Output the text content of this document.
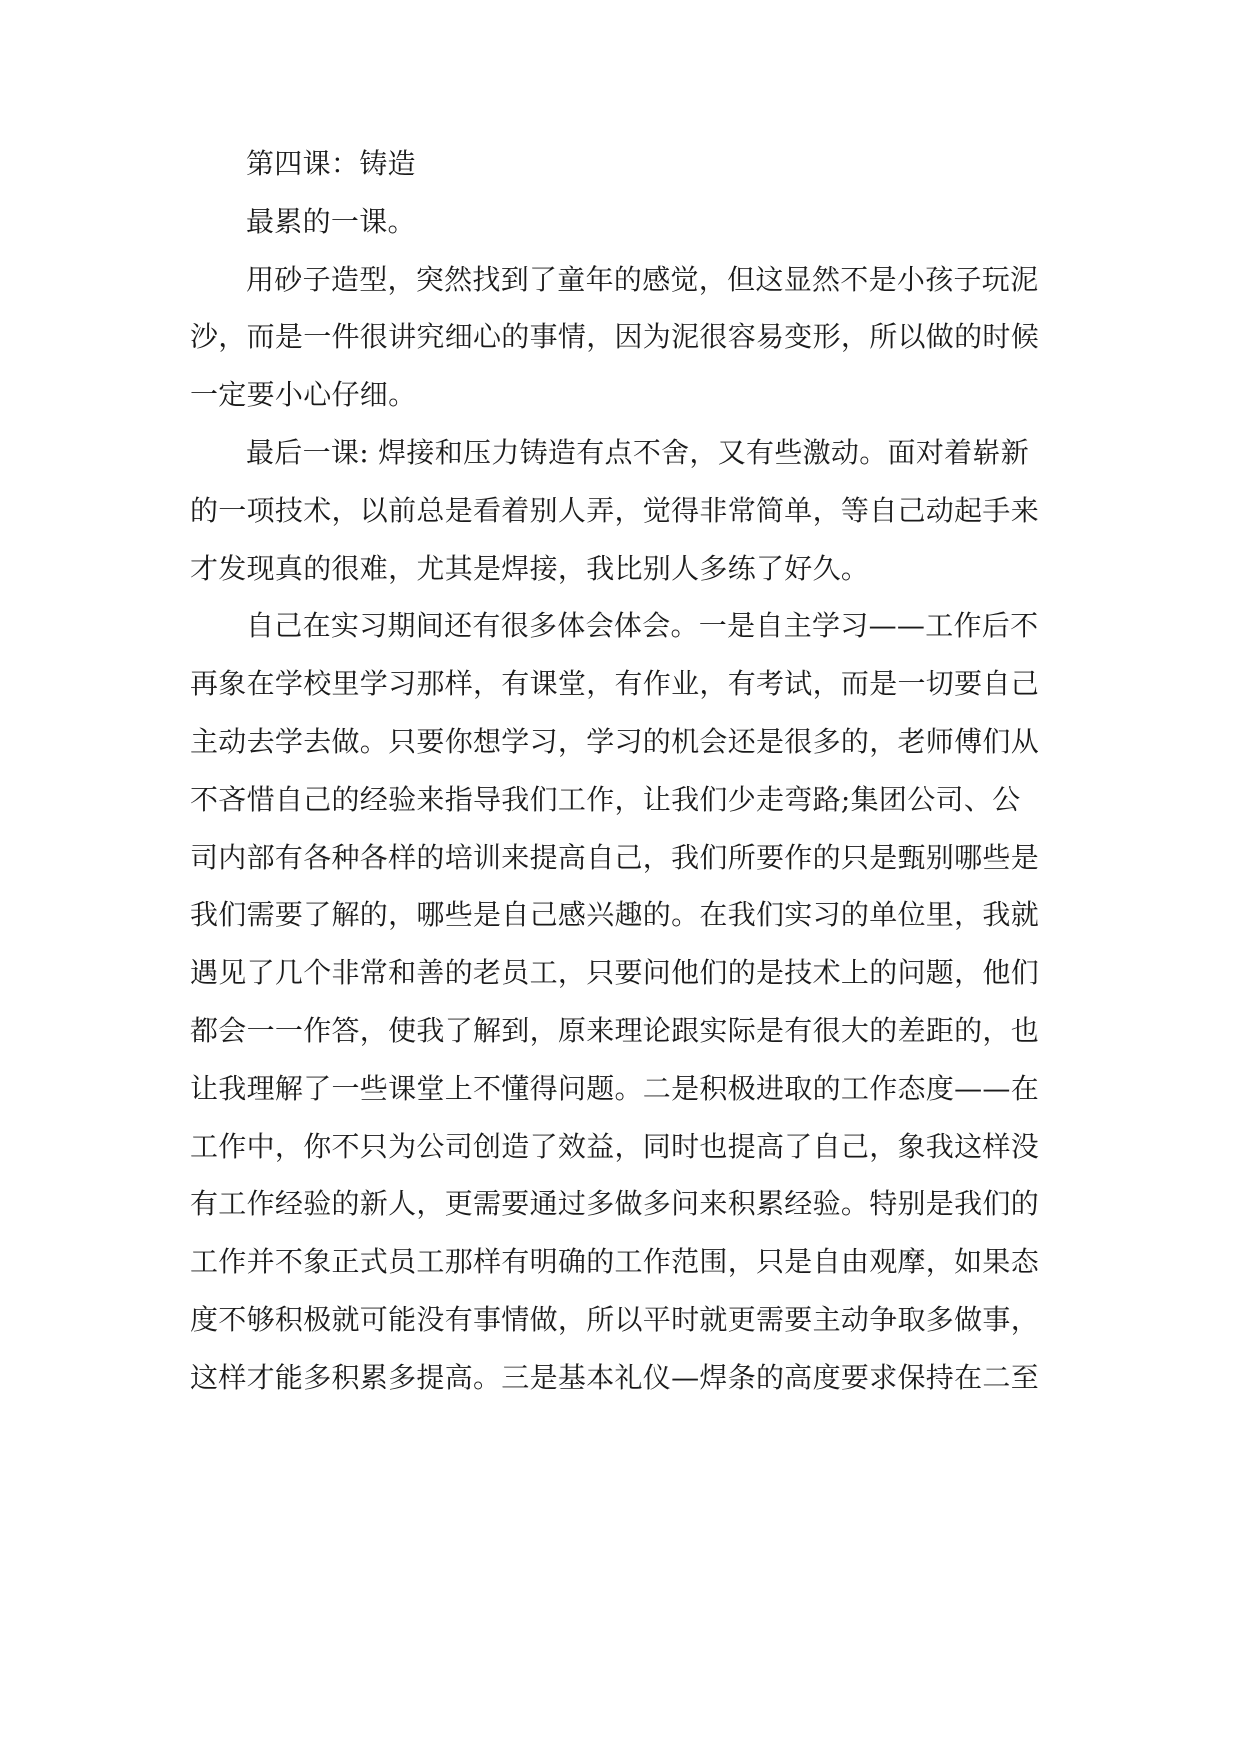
第四课：铸造
最累的一课。
用砂子造型，突然找到了童年的感觉，但这显然不是小孩子玩泥
沙，而是一件很讲究细心的事情，因为泥很容易变形，所以做的时候
一定要小心仔细。
最后一课: 焊接和压力铸造有点不舍，又有些激动。面对着崭新
的一项技术，以前总是看着别人弄，觉得非常简单，等自己动起手来
才发现真的很难，尤其是焊接，我比别人多练了好久。
自己在实习期间还有很多体会体会。一是自主学习——工作后不
再象在学校里学习那样，有课堂，有作业，有考试，而是一切要自己
主动去学去做。只要你想学习，学习的机会还是很多的，老师傅们从
不吝惜自己的经验来指导我们工作，让我们少走弯路;集团公司、公
司内部有各种各样的培训来提高自己，我们所要作的只是甄别哪些是
我们需要了解的，哪些是自己感兴趣的。在我们实习的单位里，我就
遇见了几个非常和善的老员工，只要问他们的是技术上的问题，他们
都会一一作答，使我了解到，原来理论跟实际是有很大的差距的，也
让我理解了一些课堂上不懂得问题。二是积极进取的工作态度——在
工作中，你不只为公司创造了效益，同时也提高了自己，象我这样没
有工作经验的新人，更需要通过多做多问来积累经验。特别是我们的
工作并不象正式员工那样有明确的工作范围，只是自由观摩，如果态
度不够积极就可能没有事情做，所以平时就更需要主动争取多做事，
这样才能多积累多提高。三是基本礼仪—焊条的高度要求保持在二至
